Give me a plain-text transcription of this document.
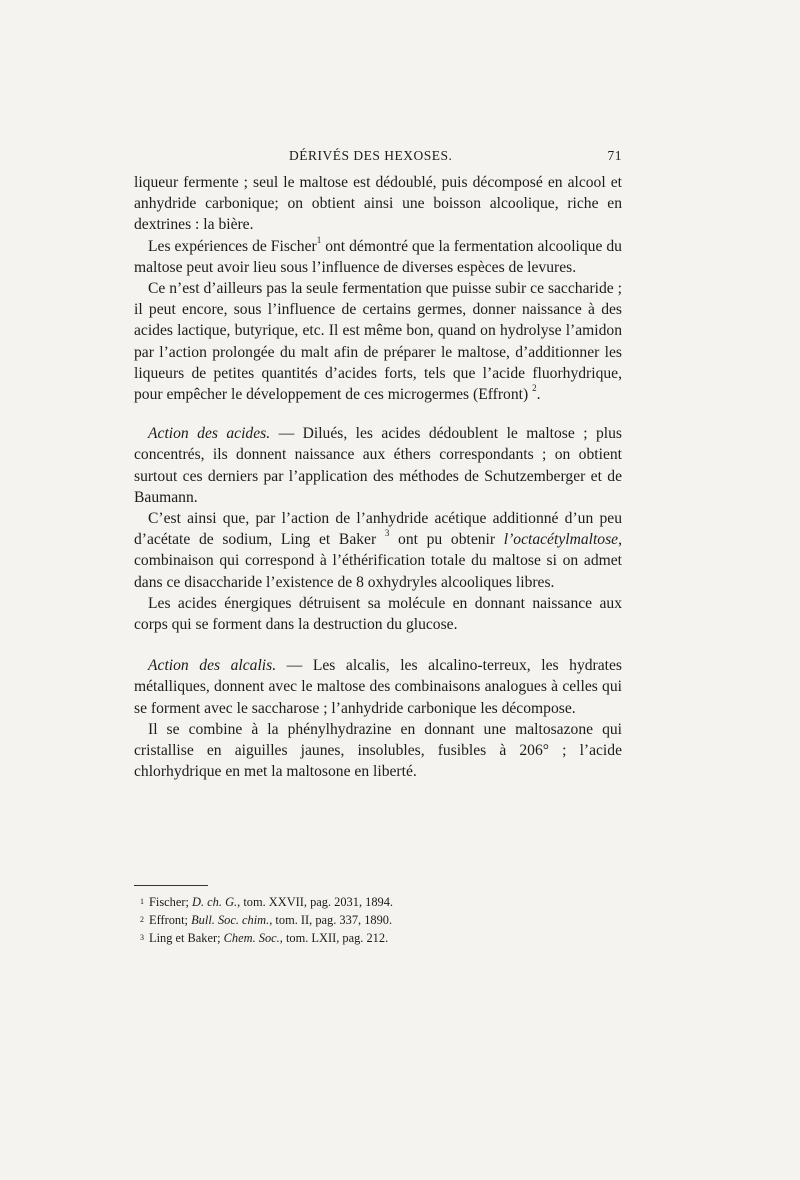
DÉRIVÉS DES HEXOSES.	71

liqueur fermente ; seul le maltose est dédoublé, puis décomposé en alcool et anhydride carbonique; on obtient ainsi une boisson alcoolique, riche en dextrines : la bière.

Les expériences de Fischer$^1$ ont démontré que la fermentation alcoolique du maltose peut avoir lieu sous l’influence de diverses espèces de levures.

Ce n’est d’ailleurs pas la seule fermentation que puisse subir ce saccharide ; il peut encore, sous l’influence de certains germes, donner naissance à des acides lactique, butyrique, etc. Il est même bon, quand on hydrolyse l’amidon par l’action prolongée du malt afin de préparer le maltose, d’additionner les liqueurs de petites quantités d’acides forts, tels que l’acide fluorhydrique, pour empêcher le développement de ces microgermes (Effront) $^2$.

Action des acides. — Dilués, les acides dédoublent le maltose ; plus concentrés, ils donnent naissance aux éthers correspondants ; on obtient surtout ces derniers par l’application des méthodes de Schutzemberger et de Baumann.

C’est ainsi que, par l’action de l’anhydride acétique additionné d’un peu d’acétate de sodium, Ling et Baker $^3$ ont pu obtenir l’octacétylmaltose, combinaison qui correspond à l’éthérification totale du maltose si on admet dans ce disaccharide l’existence de 8 oxhydryles alcooliques libres.

Les acides énergiques détruisent sa molécule en donnant naissance aux corps qui se forment dans la destruction du glucose.

Action des alcalis. — Les alcalis, les alcalino-terreux, les hydrates métalliques, donnent avec le maltose des combinaisons analogues à celles qui se forment avec le saccharose ; l’anhydride carbonique les décompose.

Il se combine à la phénylhydrazine en donnant une maltosazone qui cristallise en aiguilles jaunes, insolubles, fusibles à 206° ; l’acide chlorhydrique en met la maltosone en liberté.

$^1$ Fischer; D. ch. G., tom. XXVII, pag. 2031, 1894.
$^2$ Effront; Bull. Soc. chim., tom. II, pag. 337, 1890.
$^3$ Ling et Baker; Chem. Soc., tom. LXII, pag. 212.
